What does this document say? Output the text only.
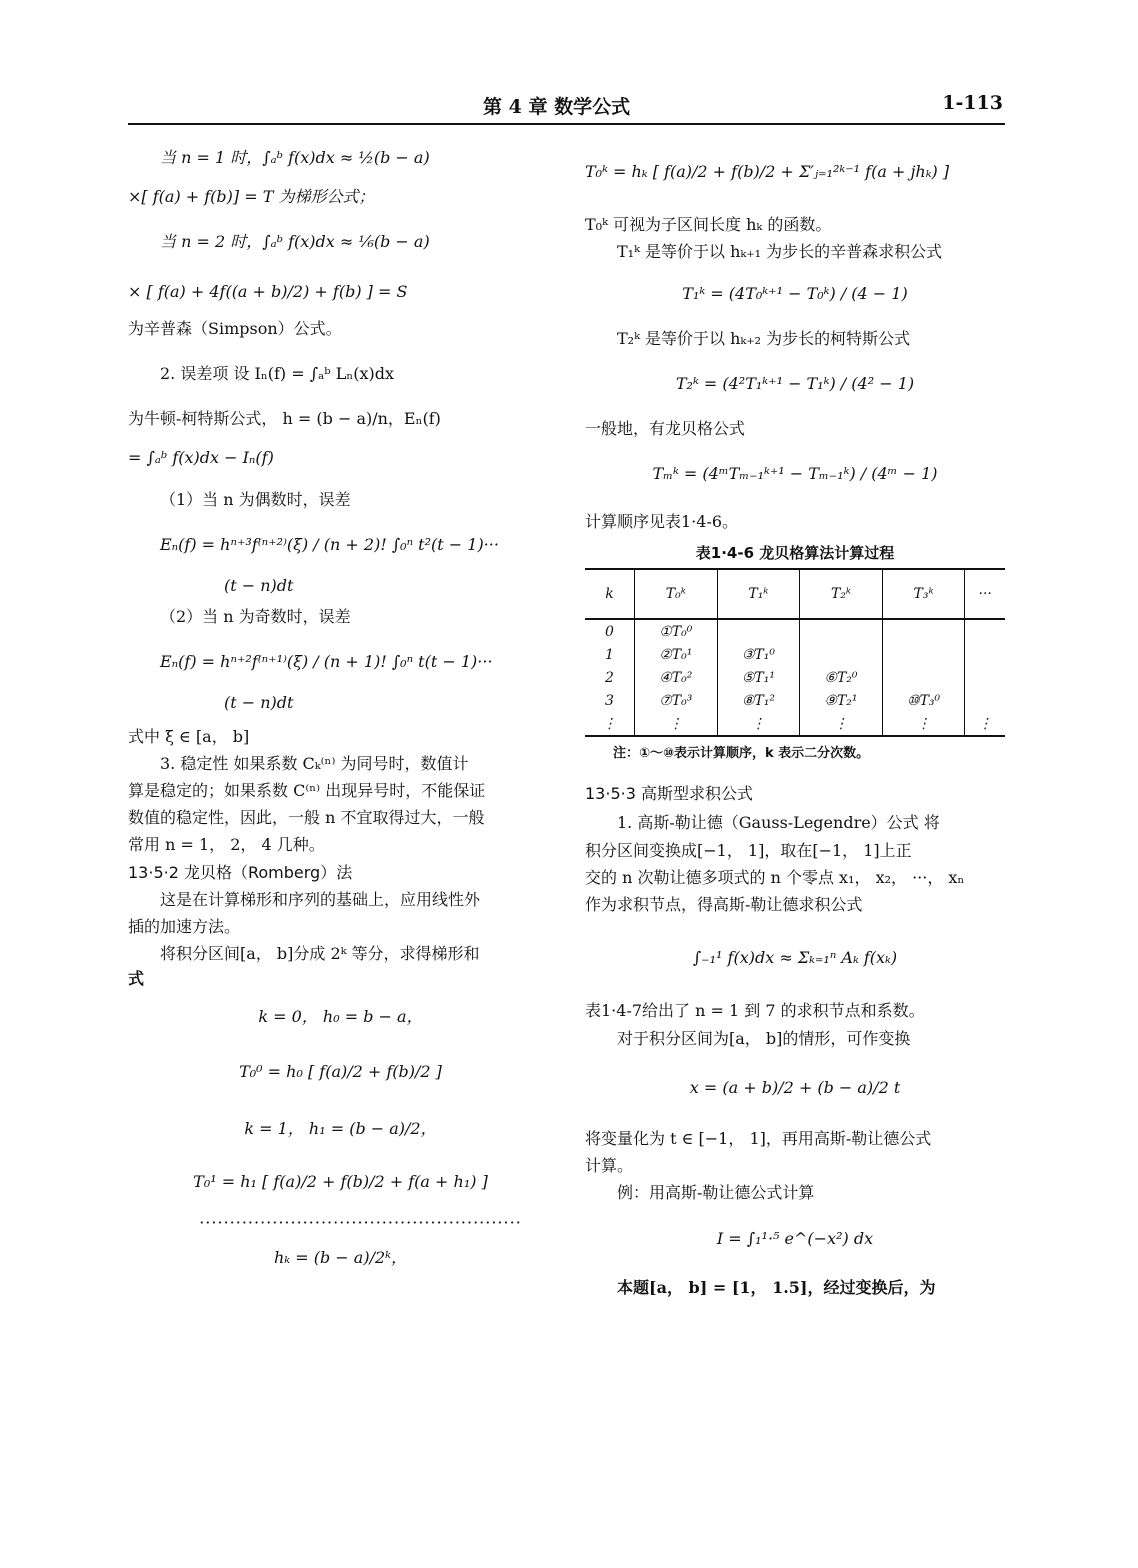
第 4 章 数学公式	1-113

当 n = 1 时，∫ₐᵇ f(x)dx ≈ ½(b − a)

×[ f(a) + f(b)] = T 为梯形公式；

当 n = 2 时，∫ₐᵇ f(x)dx ≈ ⅙(b − a)

× [ f(a) + 4f((a + b)/2) + f(b) ] = S

为辛普森（Simpson）公式。

2. 误差项 设 Iₙ(f) = ∫ₐᵇ Lₙ(x)dx

为牛顿-柯特斯公式， h = (b − a)/n，Eₙ(f)

= ∫ₐᵇ f(x)dx − Iₙ(f)

（1）当 n 为偶数时，误差

Eₙ(f) = hⁿ⁺³f⁽ⁿ⁺²⁾(ξ) / (n + 2)! ∫₀ⁿ t²(t − 1)···

(t − n)dt

（2）当 n 为奇数时，误差

Eₙ(f) = hⁿ⁺²f⁽ⁿ⁺¹⁾(ξ) / (n + 1)! ∫₀ⁿ t(t − 1)···

(t − n)dt

式中 ξ ∈ [a， b]

3. 稳定性 如果系数 Cₖ⁽ⁿ⁾ 为同号时，数值计

算是稳定的；如果系数 C⁽ⁿ⁾ 出现异号时，不能保证

数值的稳定性，因此，一般 n 不宜取得过大，一般

常用 n = 1， 2， 4 几种。

13·5·2 龙贝格（Romberg）法

这是在计算梯形和序列的基础上，应用线性外

插的加速方法。

将积分区间[a， b]分成 2ᵏ 等分，求得梯形和

式

k = 0， h₀ = b − a，

T₀⁰ = h₀ [ f(a)/2 + f(b)/2 ]

k = 1， h₁ = (b − a)/2，

T₀¹ = h₁ [ f(a)/2 + f(b)/2 + f(a + h₁) ]

·····················································

hₖ = (b − a)/2ᵏ，

T₀ᵏ = hₖ [ f(a)/2 + f(b)/2 + Σ′ⱼ₌₁²ᵏ⁻¹ f(a + jhₖ) ]

T₀ᵏ 可视为子区间长度 hₖ 的函数。

T₁ᵏ 是等价于以 hₖ₊₁ 为步长的辛普森求积公式

T₁ᵏ = (4T₀ᵏ⁺¹ − T₀ᵏ) / (4 − 1)

T₂ᵏ 是等价于以 hₖ₊₂ 为步长的柯特斯公式

T₂ᵏ = (4²T₁ᵏ⁺¹ − T₁ᵏ) / (4² − 1)

一般地，有龙贝格公式

Tₘᵏ = (4ᵐTₘ₋₁ᵏ⁺¹ − Tₘ₋₁ᵏ) / (4ᵐ − 1)

计算顺序见表1·4-6。

表1·4-6 龙贝格算法计算过程

k	T₀ᵏ	T₁ᵏ	T₂ᵏ	T₃ᵏ	···
0	①T₀⁰				
1	②T₀¹	③T₁⁰			
2	④T₀²	⑤T₁¹	⑥T₂⁰		
3	⑦T₀³	⑧T₁²	⑨T₂¹	⑩T₃⁰	
⋮	⋮	⋮	⋮	⋮	⋮

注：①～⑩表示计算顺序，k 表示二分次数。

13·5·3 高斯型求积公式

1. 高斯-勒让德（Gauss-Legendre）公式 将

积分区间变换成[−1， 1]，取在[−1， 1]上正

交的 n 次勒让德多项式的 n 个零点 x₁， x₂， ···， xₙ

作为求积节点，得高斯-勒让德求积公式

∫₋₁¹ f(x)dx ≈ Σₖ₌₁ⁿ Aₖ f(xₖ)

表1·4-7给出了 n = 1 到 7 的求积节点和系数。

对于积分区间为[a， b]的情形，可作变换

x = (a + b)/2 + (b − a)/2 t

将变量化为 t ∈ [−1， 1]，再用高斯-勒让德公式

计算。

例：用高斯-勒让德公式计算

I = ∫₁¹·⁵ e^(−x²) dx

本题[a， b] = [1， 1.5]，经过变换后，为
